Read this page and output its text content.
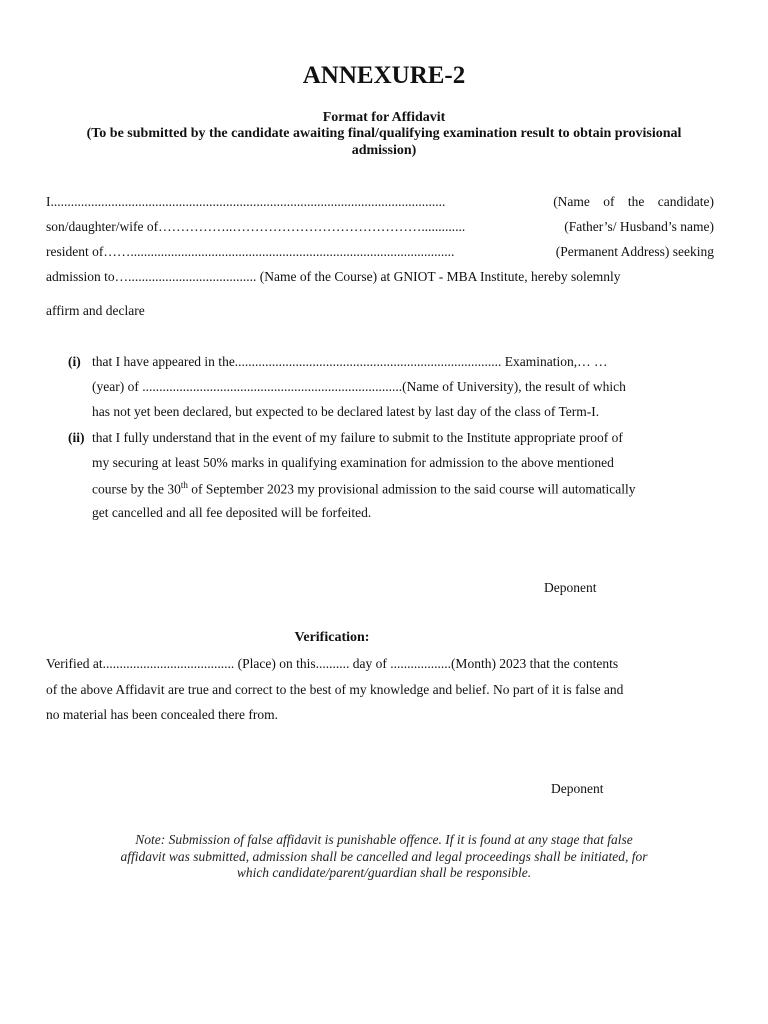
ANNEXURE-2
Format for Affidavit
(To be submitted by the candidate awaiting final/qualifying examination result to obtain provisional
admission)
I.....................................................................................................................	(Name of the candidate)
son/daughter/wife of……………..…………………………………….............	(Father’s/ Husband’s name)
resident of……................................................................................................	(Permanent Address) seeking
admission to…...................................... (Name of the Course) at GNIOT - MBA Institute, hereby solemnly
affirm and declare
(i) that I have appeared in the............................................................................... Examination,… …
(year) of .............................................................................(Name of University), the result of which
has not yet been declared, but expected to be declared latest by last day of the class of Term-I.
(ii) that I fully understand that in the event of my failure to submit to the Institute appropriate proof of
my securing at least 50% marks in qualifying examination for admission to the above mentioned
course by the 30th of September 2023 my provisional admission to the said course will automatically
get cancelled and all fee deposited will be forfeited.
Deponent
Verification:
Verified at....................................... (Place) on this.......... day of ..................(Month) 2023 that the contents
of the above Affidavit are true and correct to the best of my knowledge and belief. No part of it is false and
no material has been concealed there from.
Deponent
Note: Submission of false affidavit is punishable offence. If it is found at any stage that false
affidavit was submitted, admission shall be cancelled and legal proceedings shall be initiated, for
which candidate/parent/guardian shall be responsible.
